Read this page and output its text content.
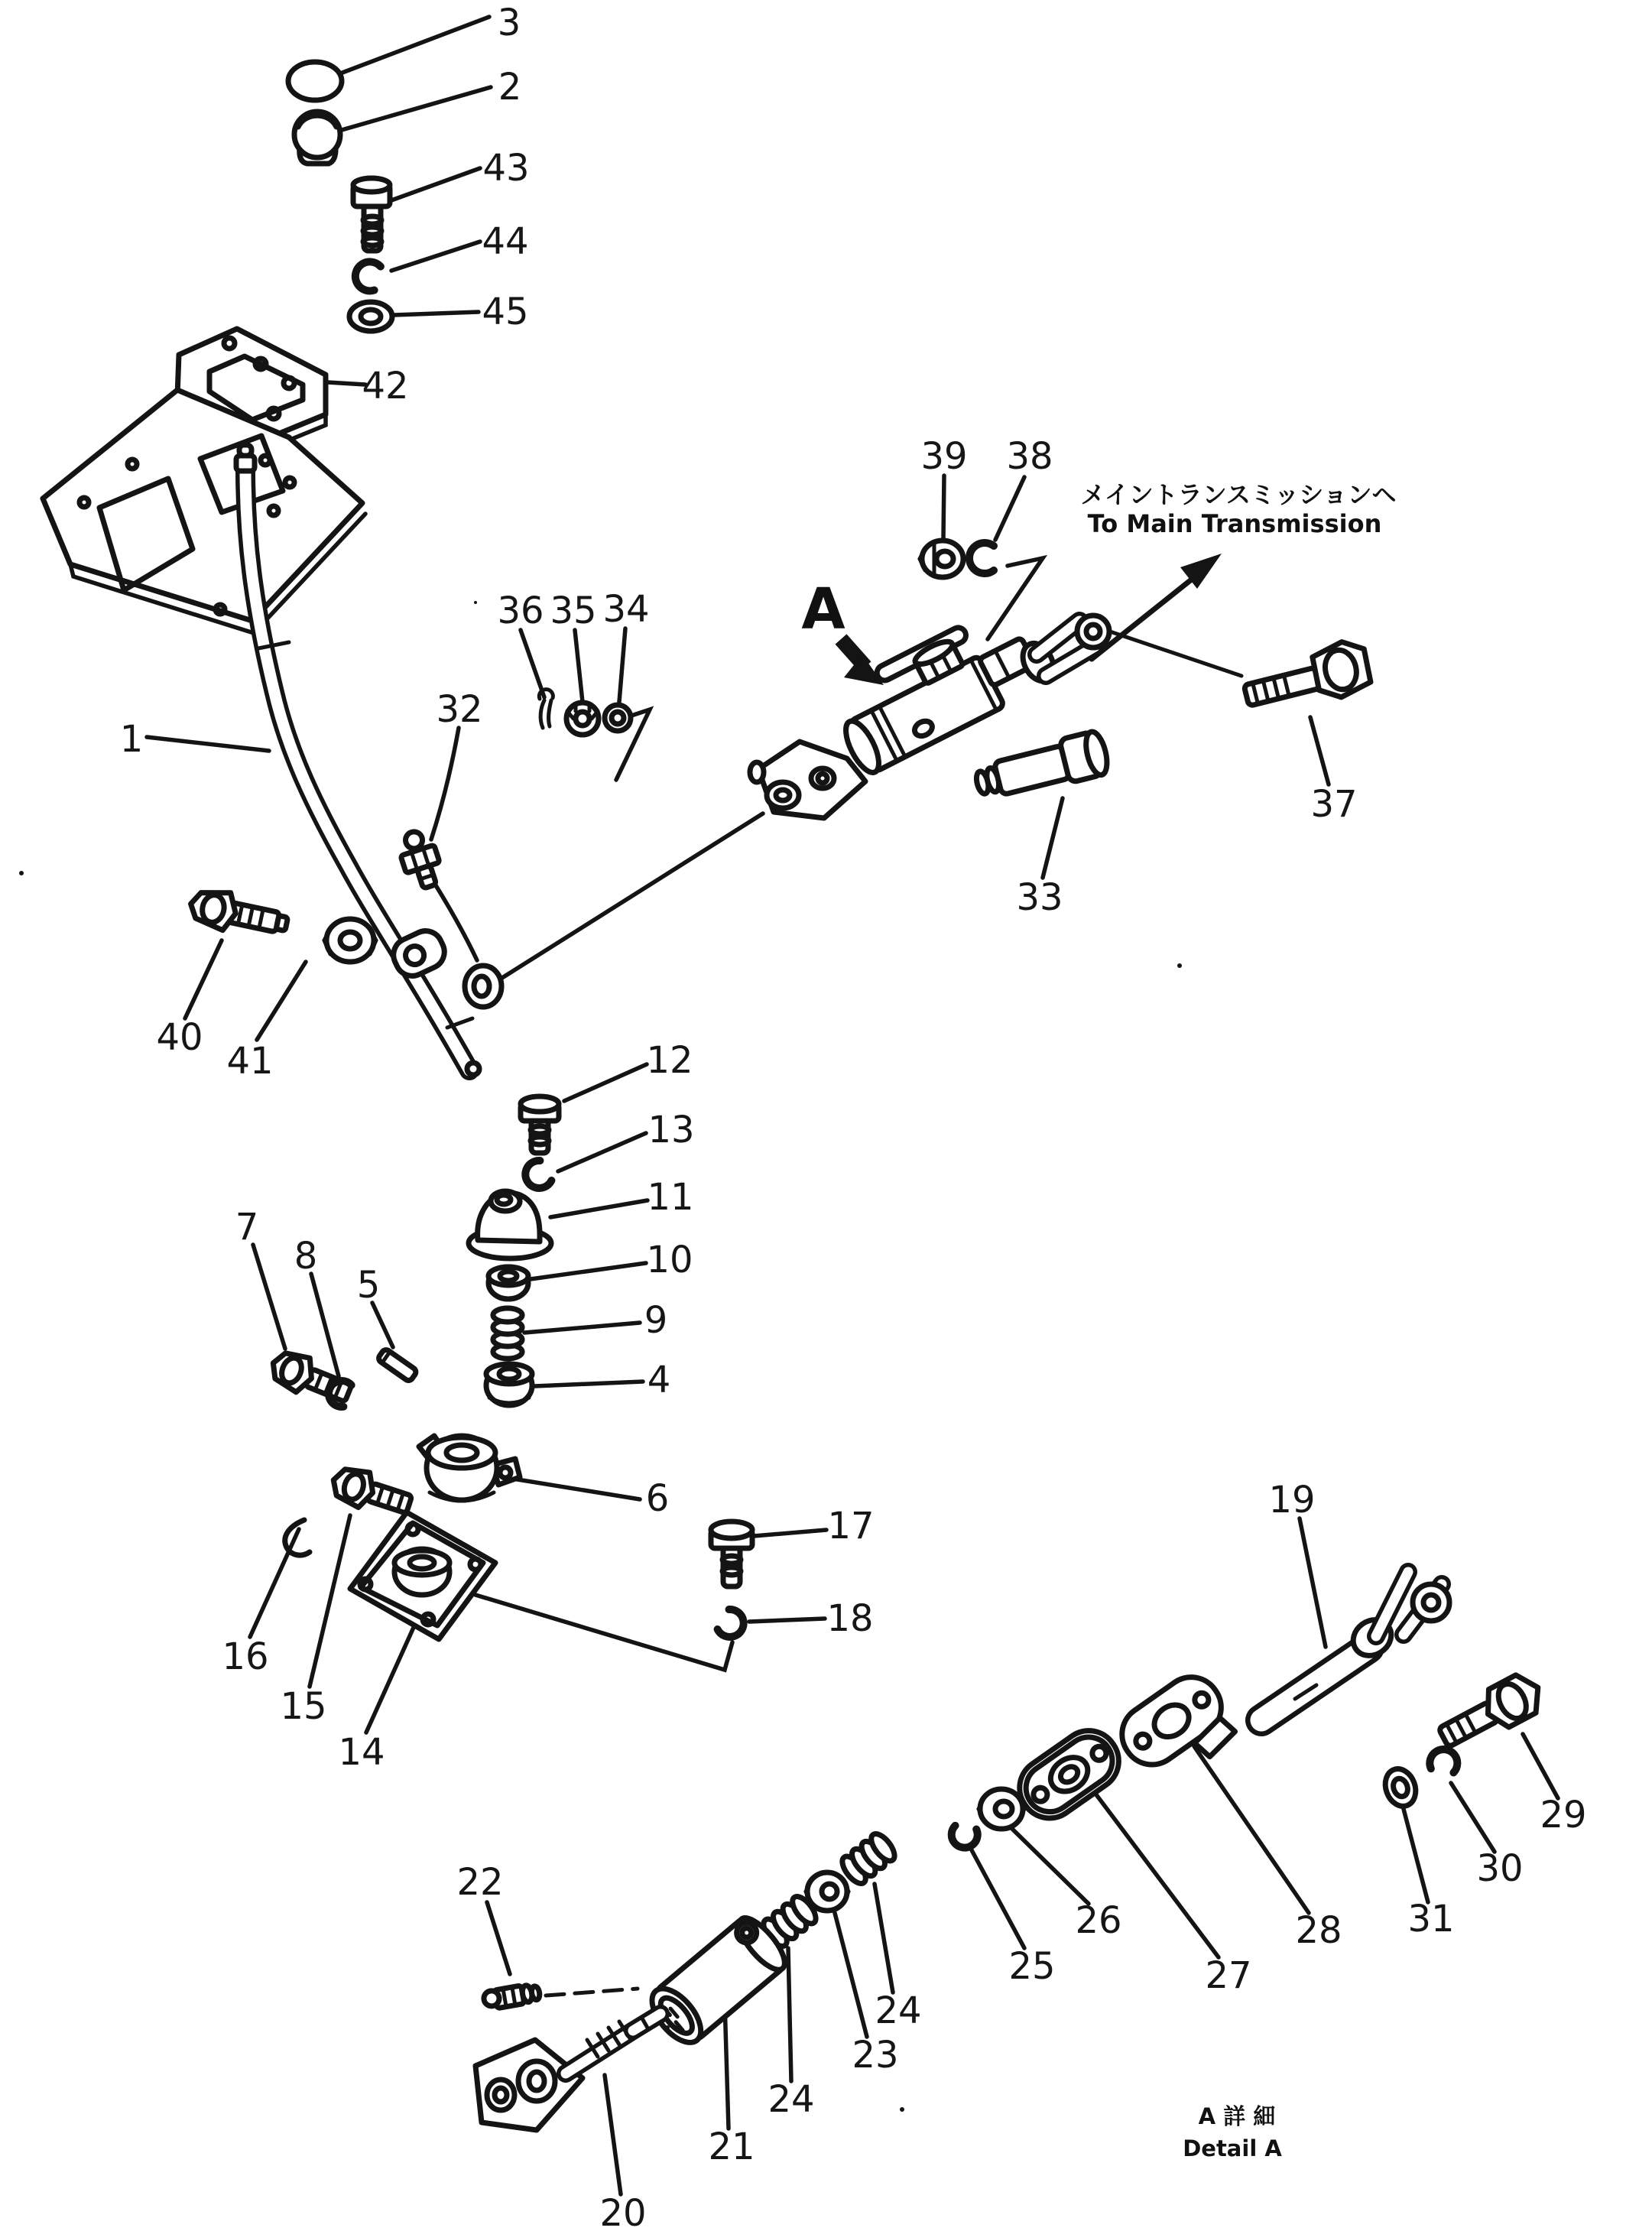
3
2
43
44
45
42
1
32
40
41
36 35 34
39 38
37
33
12
13
11
10
9
4
7
8
5
6
16
15
14
17
18
19
29
30
31
28
27
26
25
24
23
24
21
20
22
メイントランスミッションヘ
To Main Transmission
A
A 詳 細
Detail A
